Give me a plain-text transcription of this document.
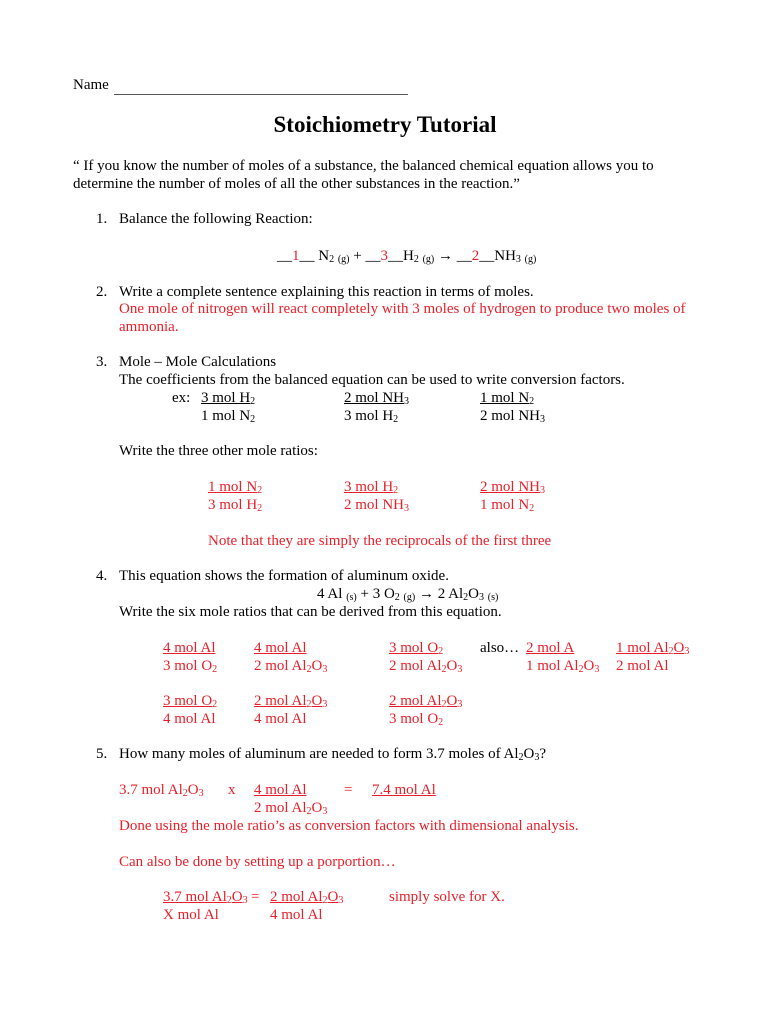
Name
Stoichiometry Tutorial
“ If you know the number of moles of a substance, the balanced chemical equation allows you to
determine the number of moles of all the other substances in the reaction.”
1. Balance the following Reaction:
__1__ $N_2$ $_{(g)} + \_\_3\_\_H_2$ $_{(g)} \to \_\_2\_\_NH_3$ $_{(g)}$
2. Write a complete sentence explaining this reaction in terms of moles.
One mole of nitrogen will react completely with 3 moles of hydrogen to produce two moles of
ammonia.
3. Mole – Mole Calculations
The coefficients from the balanced equation can be used to write conversion factors.
ex: 3 mol $H_2$
1 mol $N_2$
2 mol $NH_3$
3 mol $H_2$
1 mol $N_2$
2 mol $NH_3$
Write the three other mole ratios:
1 mol $N_2$
3 mol $H_2$
3 mol $H_2$
2 mol $NH_3$
2 mol $NH_3$
1 mol $N_2$
Note that they are simply the reciprocals of the first three
4. This equation shows the formation of aluminum oxide.
4 Al $_{(s)}$ + 3 $O_2$ $_{(g)}$ → 2 $Al_2O_3$ $_{(s)}$
Write the six mole ratios that can be derived from this equation.
4 mol Al
3 mol $O_2$
4 mol Al
2 mol $Al_2O_3$
3 mol $O_2$
2 mol $Al_2O_3$
also… 2 mol A
1 mol $Al_2O_3$
1 mol $Al_2O_3$
2 mol Al
3 mol $O_2$
4 mol Al
2 mol $Al_2O_3$
4 mol Al
2 mol $Al_2O_3$
3 mol $O_2$
5. How many moles of aluminum are needed to form 3.7 moles of $Al_2O_3$?
3.7 mol $Al_2O_3$ x 4 mol Al
2 mol $Al_2O_3$
= 7.4 mol Al
Done using the mole ratio’s as conversion factors with dimensional analysis.
Can also be done by setting up a porportion…
3.7 mol $Al_2O_3$
X mol Al
= 2 mol $Al_2O_3$
4 mol Al
simply solve for X.
